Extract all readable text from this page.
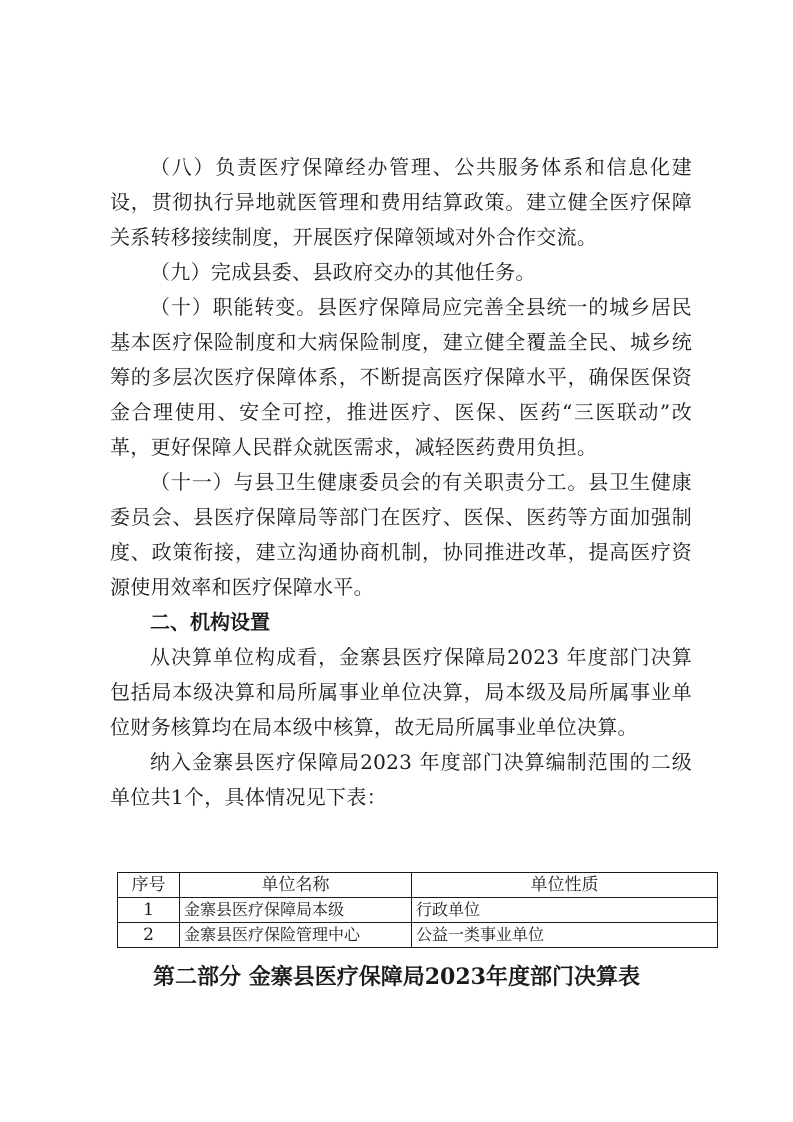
（八）负责医疗保障经办管理、公共服务体系和信息化建设，贯彻执行异地就医管理和费用结算政策。建立健全医疗保障关系转移接续制度，开展医疗保障领域对外合作交流。

（九）完成县委、县政府交办的其他任务。

（十）职能转变。县医疗保障局应完善全县统一的城乡居民基本医疗保险制度和大病保险制度，建立健全覆盖全民、城乡统筹的多层次医疗保障体系，不断提高医疗保障水平，确保医保资金合理使用、安全可控，推进医疗、医保、医药“三医联动”改革，更好保障人民群众就医需求，减轻医药费用负担。

（十一）与县卫生健康委员会的有关职责分工。县卫生健康委员会、县医疗保障局等部门在医疗、医保、医药等方面加强制度、政策衔接，建立沟通协商机制，协同推进改革，提高医疗资源使用效率和医疗保障水平。

二、机构设置

从决算单位构成看，金寨县医疗保障局2023 年度部门决算包括局本级决算和局所属事业单位决算，局本级及局所属事业单位财务核算均在局本级中核算，故无局所属事业单位决算。

纳入金寨县医疗保障局2023 年度部门决算编制范围的二级单位共1个，具体情况见下表：

序号	单位名称	单位性质
1	金寨县医疗保障局本级	行政单位
2	金寨县医疗保险管理中心	公益一类事业单位

第二部分 金寨县医疗保障局2023年度部门决算表
